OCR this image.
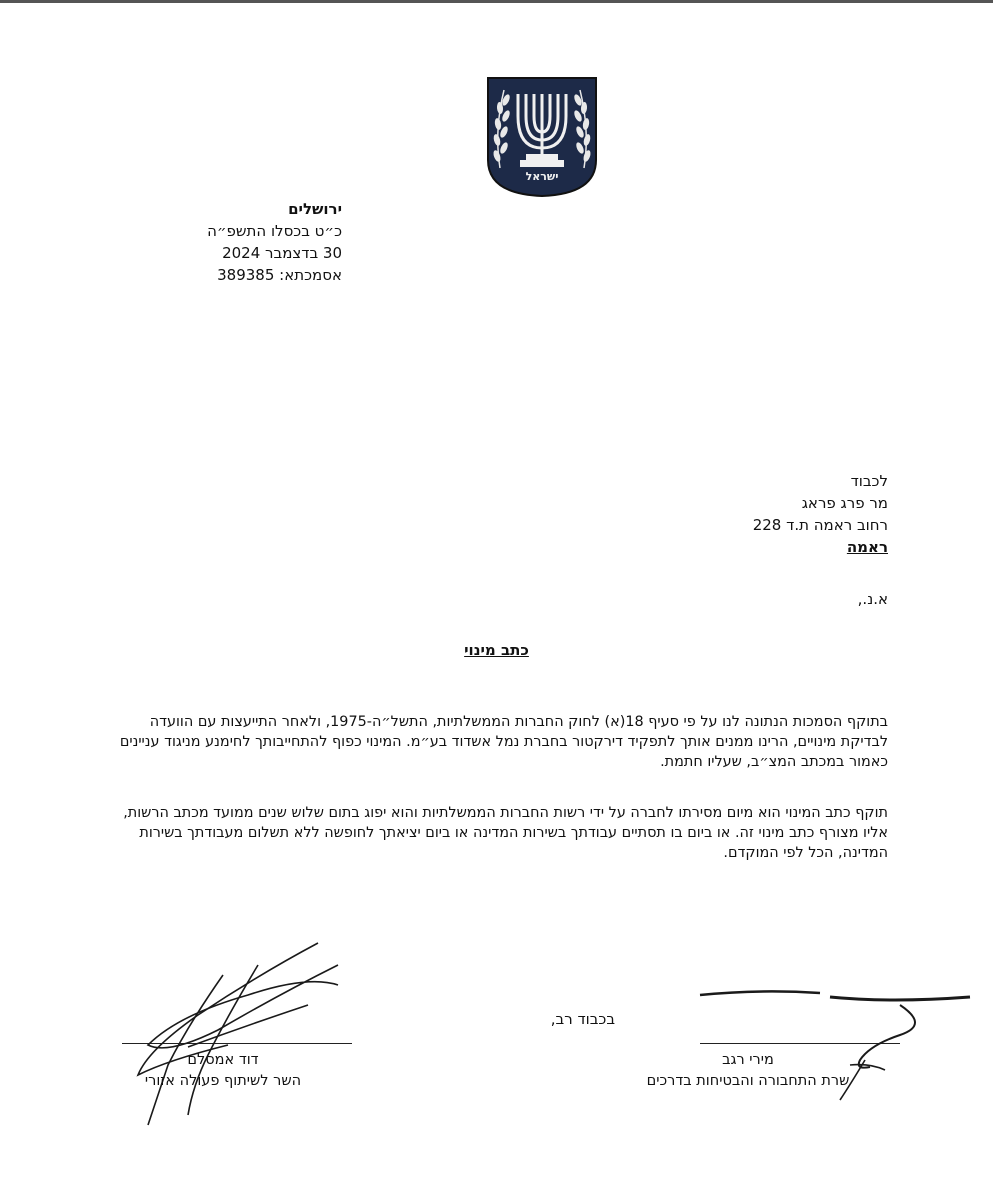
ישראל
ירושלים
כ״ט בכסלו התשפ״ה
30 בדצמבר 2024
אסמכתא: 389385
לכבוד
מר פרג פראג
רחוב ראמה ת.ד 228
ראמה
א.נ.,
כתב מינוי
בתוקף הסמכות הנתונה לנו על פי סעיף 18(א) לחוק החברות הממשלתיות, התשל״ה-1975, ולאחר התייעצות עם הוועדה לבדיקת מינויים, הרינו ממנים אותך לתפקיד דירקטור בחברת נמל אשדוד בע״מ. המינוי כפוף להתחייבותך לחימנע מניגוד עניינים כאמור במכתב המצ״ב, שעליו חתמת.
תוקף כתב המינוי הוא מיום מסירתו לחברה על ידי רשות החברות הממשלתיות והוא יפוג בתום שלוש שנים ממועד מכתב הרשות, אליו מצורף כתב מינוי זה. או ביום בו תסתיים עבודתך בשירות המדינה או ביום יציאתך לחופשה ללא תשלום מעבודתך בשירות המדינה, הכל לפי המוקדם.
בכבוד רב,
דוד אמסלם
השר לשיתוף פעולה אזורי
מירי רגב
שרת התחבורה והבטיחות בדרכים
